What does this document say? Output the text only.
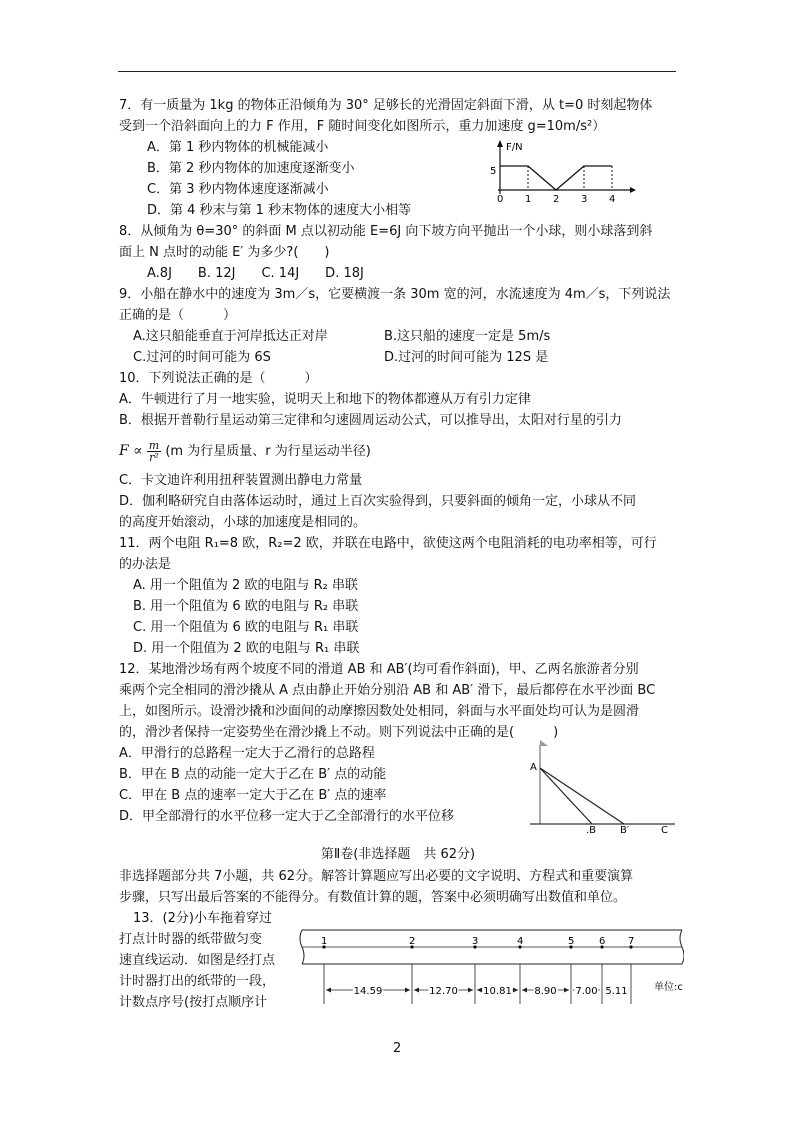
7．有一质量为 1kg 的物体正沿倾角为 30° 足够长的光滑固定斜面下滑，从 t=0 时刻起物体
受到一个沿斜面向上的力 F 作用，F 随时间变化如图所示，重力加速度 g=10m/s²）
A．第 1 秒内物体的机械能减小
B．第 2 秒内物体的加速度逐渐变小
C．第 3 秒内物体速度逐渐减小
D．第 4 秒末与第 1 秒末物体的速度大小相等
F/N
5
0 1 2 3 4
8．从倾角为 θ=30° 的斜面 M 点以初动能 E=6J 向下坡方向平抛出一个小球，则小球落到斜
面上 N 点时的动能 E′ 为多少?(　　)
A.8J　　B. 12J　　C. 14J　　D. 18J
9．小船在静水中的速度为 3m／s，它要横渡一条 30m 宽的河，水流速度为 4m／s，下列说法
正确的是（　　　）
A.这只船能垂直于河岸抵达正对岸	B.这只船的速度一定是 5m/s
C.过河的时间可能为 6S	D.过河的时间可能为 12S 是
10．下列说法正确的是（　　　）
A．牛顿进行了月一地实验，说明天上和地下的物体都遵从万有引力定律
B．根据开普勒行星运动第三定律和匀速圆周运动公式，可以推导出，太阳对行星的引力
$F \propto \frac{m}{\text{r²}} (m$ 为行星质量、r 为行星运动半径)
C．卡文迪许利用扭秤装置测出静电力常量
D．伽利略研究自由落体运动时，通过上百次实验得到，只要斜面的倾角一定，小球从不同
的高度开始滚动，小球的加速度是相同的。
11．两个电阻 R₁=8 欧，R₂=2 欧，并联在电路中，欲使这两个电阻消耗的电功率相等，可行
的办法是
A. 用一个阻值为 2 欧的电阻与 R₂ 串联
B. 用一个阻值为 6 欧的电阻与 R₂ 串联
C. 用一个阻值为 6 欧的电阻与 R₁ 串联
D. 用一个阻值为 2 欧的电阻与 R₁ 串联
12．某地滑沙场有两个坡度不同的滑道 AB 和 AB′(均可看作斜面)，甲、乙两名旅游者分别
乘两个完全相同的滑沙撬从 A 点由静止开始分别沿 AB 和 AB′ 滑下，最后都停在水平沙面 BC
上，如图所示。设滑沙撬和沙面间的动摩擦因数处处相同，斜面与水平面处均可认为是圆滑
的，滑沙者保持一定姿势坐在滑沙撬上不动。则下列说法中正确的是(　　　)
A．甲滑行的总路程一定大于乙滑行的总路程
B．甲在 B 点的动能一定大于乙在 B′ 点的动能
C．甲在 B 点的速率一定大于乙在 B′ 点的速率
D．甲全部滑行的水平位移一定大于乙全部滑行的水平位移
A
.B B′	C
第Ⅱ卷(非选择题　共 62分)
非选择题部分共 7小题，共 62分。解答计算题应写出必要的文字说明、方程式和重要演算
步骤，只写出最后答案的不能得分。有数值计算的题，答案中必须明确写出数值和单位。
13．(2分)小车拖着穿过
打点计时器的纸带做匀变
速直线运动．如图是经打点
计时器打出的纸带的一段，
计数点序号(按打点顺序计
1	2	3	4	5 6 7
14.59	12.70	10.81 8.90 7.00 5.11	单位:c
2
